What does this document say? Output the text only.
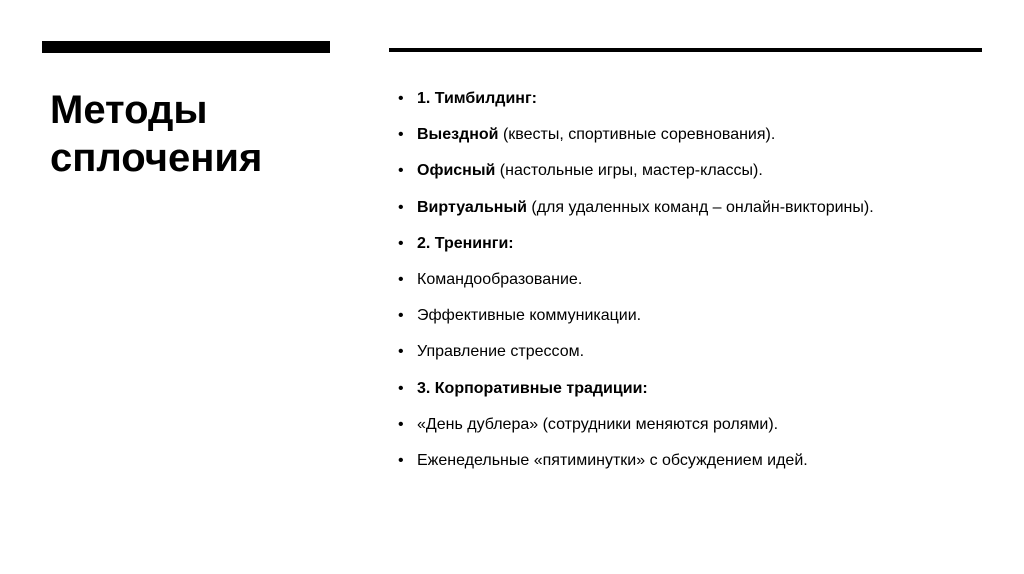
Методы
сплочения
• 1. Тимбилдинг:
• Выездной (квесты, спортивные соревнования).
• Офисный (настольные игры, мастер-классы).
• Виртуальный (для удаленных команд – онлайн-викторины).
• 2. Тренинги:
• Командообразование.
• Эффективные коммуникации.
• Управление стрессом.
• 3. Корпоративные традиции:
• «День дублера» (сотрудники меняются ролями).
• Еженедельные «пятиминутки» с обсуждением идей.
